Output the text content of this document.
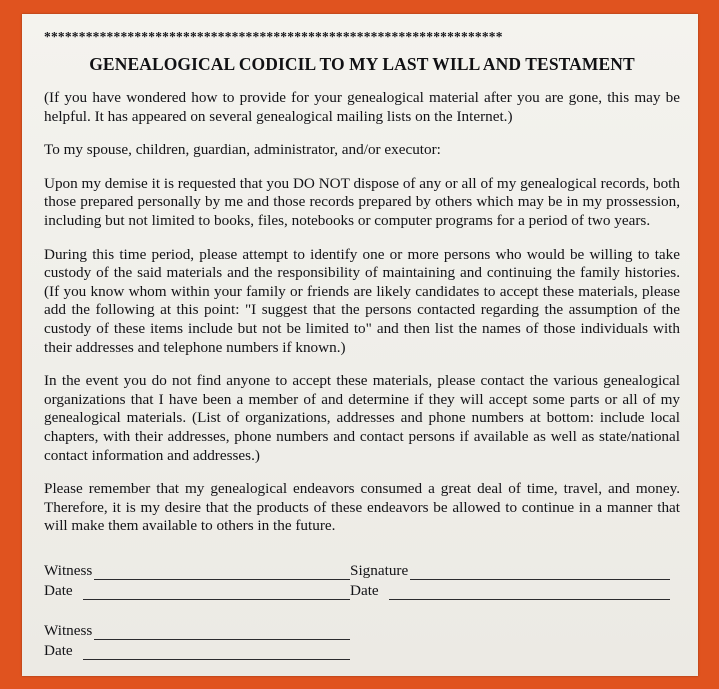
******************************************************************
GENEALOGICAL CODICIL TO MY LAST WILL AND TESTAMENT

(If you have wondered how to provide for your genealogical material after you are gone, this may be helpful. It has appeared on several genealogical mailing lists on the Internet.)

To my spouse, children, guardian, administrator, and/or executor:

Upon my demise it is requested that you DO NOT dispose of any or all of my genealogical records, both those prepared personally by me and those records prepared by others which may be in my prossession, including but not limited to books, files, notebooks or computer programs for a period of two years.

During this time period, please attempt to identify one or more persons who would be willing to take custody of the said materials and the responsibility of maintaining and continuing the family histories. (If you know whom within your family or friends are likely candidates to accept these materials, please add the following at this point: "I suggest that the persons contacted regarding the assumption of the custody of these items include but not be limited to" and then list the names of those individuals with their addresses and telephone numbers if known.)

In the event you do not find anyone to accept these materials, please contact the various genealogical organizations that I have been a member of and determine if they will accept some parts or all of my genealogical materials. (List of organizations, addresses and phone numbers at bottom: include local chapters, with their addresses, phone numbers and contact persons if available as well as state/national contact information and addresses.)

Please remember that my genealogical endeavors consumed a great deal of time, travel, and money. Therefore, it is my desire that the products of these endeavors be allowed to continue in a manner that will make them available to others in the future.

Witness	Signature
Date	Date
Witness
Date
